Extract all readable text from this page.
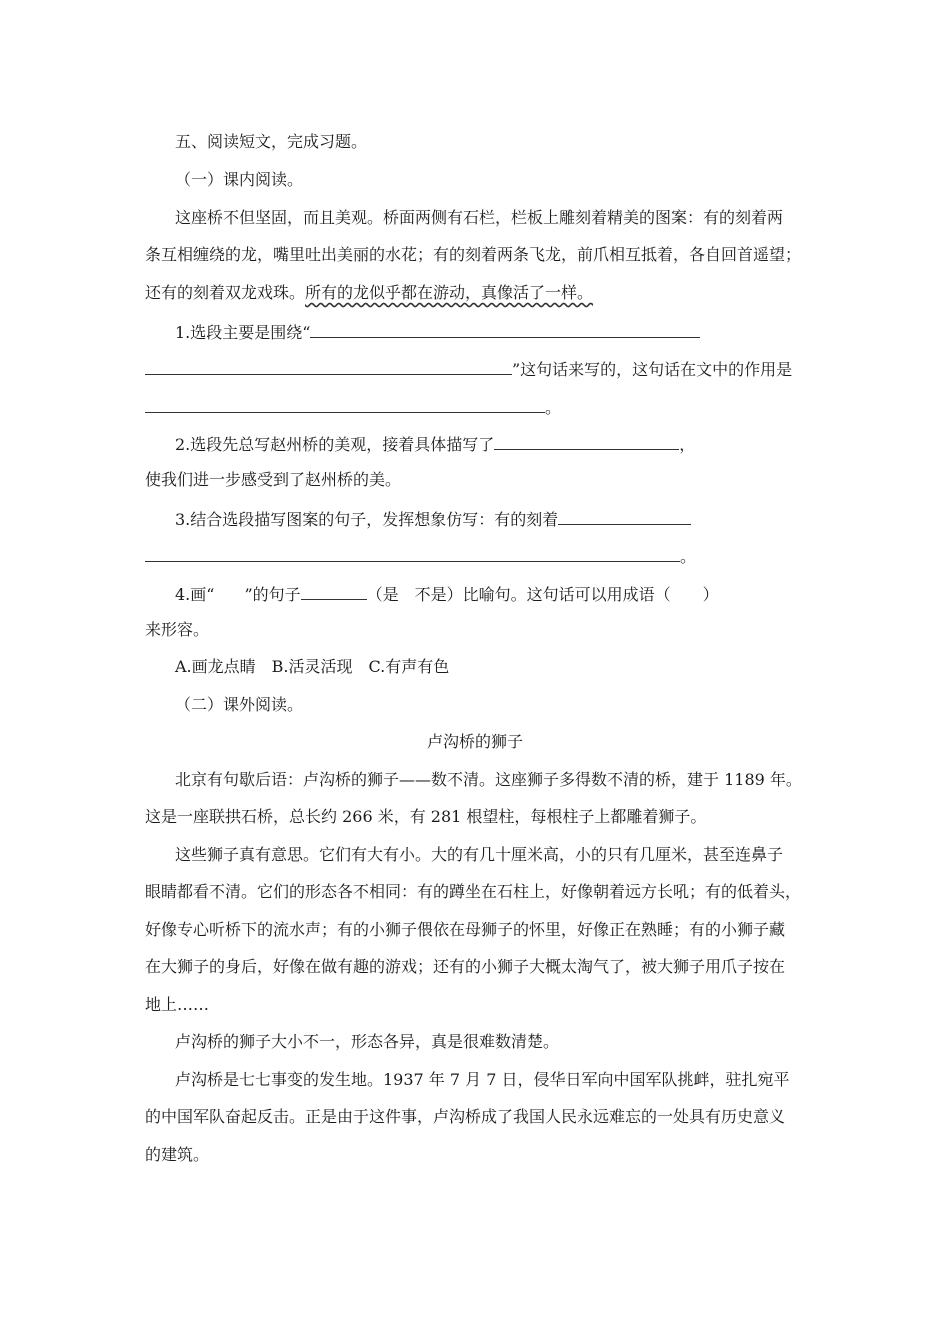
五、阅读短文，完成习题。
（一）课内阅读。
这座桥不但坚固，而且美观。桥面两侧有石栏，栏板上雕刻着精美的图案：有的刻着两
条互相缠绕的龙，嘴里吐出美丽的水花；有的刻着两条飞龙，前爪相互抵着，各自回首遥望；
还有的刻着双龙戏珠。所有的龙似乎都在游动，真像活了一样。
1.选段主要是围绕“
”这句话来写的，这句话在文中的作用是
。
2.选段先总写赵州桥的美观，接着具体描写了	，
使我们进一步感受到了赵州桥的美。
3.结合选段描写图案的句子，发挥想象仿写：有的刻着
。
4.画“ ”的句子	（是　不是）比喻句。这句话可以用成语（　　）
来形容。
A.画龙点睛　B.活灵活现　C.有声有色
（二）课外阅读。
卢沟桥的狮子
北京有句歇后语：卢沟桥的狮子——数不清。这座狮子多得数不清的桥，建于 1189 年。
这是一座联拱石桥，总长约 266 米，有 281 根望柱，每根柱子上都雕着狮子。
这些狮子真有意思。它们有大有小。大的有几十厘米高，小的只有几厘米，甚至连鼻子
眼睛都看不清。它们的形态各不相同：有的蹲坐在石柱上，好像朝着远方长吼；有的低着头，
好像专心听桥下的流水声；有的小狮子偎依在母狮子的怀里，好像正在熟睡；有的小狮子藏
在大狮子的身后，好像在做有趣的游戏；还有的小狮子大概太淘气了，被大狮子用爪子按在
地上……
卢沟桥的狮子大小不一，形态各异，真是很难数清楚。
卢沟桥是七七事变的发生地。1937 年 7 月 7 日，侵华日军向中国军队挑衅，驻扎宛平
的中国军队奋起反击。正是由于这件事，卢沟桥成了我国人民永远难忘的一处具有历史意义
的建筑。
